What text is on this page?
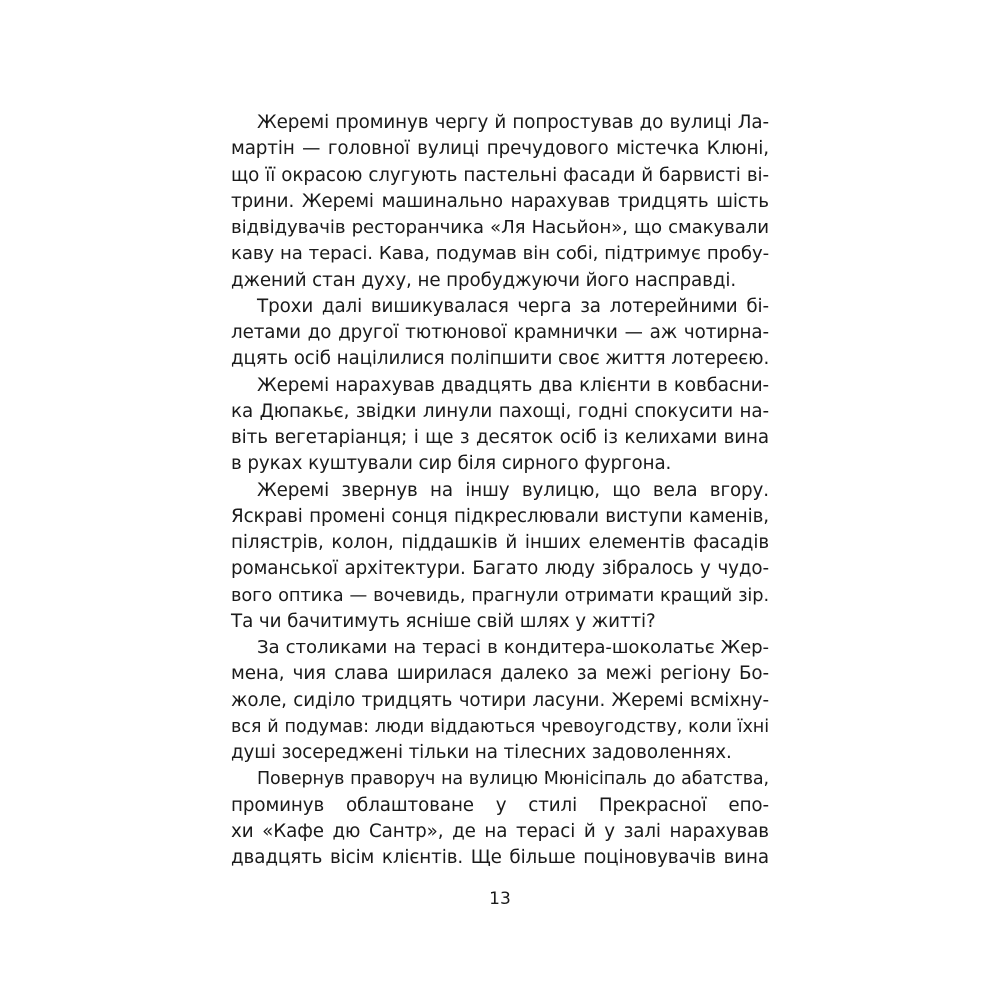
Жеремі проминув чергу й попростував до вулиці Ла-
мартін — головної вулиці пречудового містечка Клюні,
що її окрасою слугують пастельні фасади й барвисті ві-
трини. Жеремі машинально нарахував тридцять шість
відвідувачів ресторанчика «Ля Насьйон», що смакували
каву на терасі. Кава, подумав він собі, підтримує пробу-
джений стан духу, не пробуджуючи його насправді.
Трохи далі вишикувалася черга за лотерейними бі-
летами до другої тютюнової крамнички — аж чотирна-
дцять осіб націлилися поліпшити своє життя лотереєю.
Жеремі нарахував двадцять два клієнти в ковбасни-
ка Дюпакьє, звідки линули пахощі, годні спокусити на-
віть вегетаріанця; і ще з десяток осіб із келихами вина
в руках куштували сир біля сирного фургона.
Жеремі звернув на іншу вулицю, що вела вгору.
Яскраві промені сонця підкреслювали виступи каменів,
пілястрів, колон, піддашків й інших елементів фасадів
романської архітектури. Багато люду зібралось у чудо-
вого оптика — вочевидь, прагнули отримати кращий зір.
Та чи бачитимуть ясніше свій шлях у житті?
За столиками на терасі в кондитера-шоколатьє Жер-
мена, чия слава ширилася далеко за межі регіону Бо-
жоле, сиділо тридцять чотири ласуни. Жеремі всміхну-
вся й подумав: люди віддаються чревоугодству, коли їхні
душі зосереджені тільки на тілесних задоволеннях.
Повернув праворуч на вулицю Мюнісіпаль до абатства,
проминув облаштоване у стилі Прекрасної епо-
хи «Кафе дю Сантр», де на терасі й у залі нарахував
двадцять вісім клієнтів. Ще більше поціновувачів вина
13
